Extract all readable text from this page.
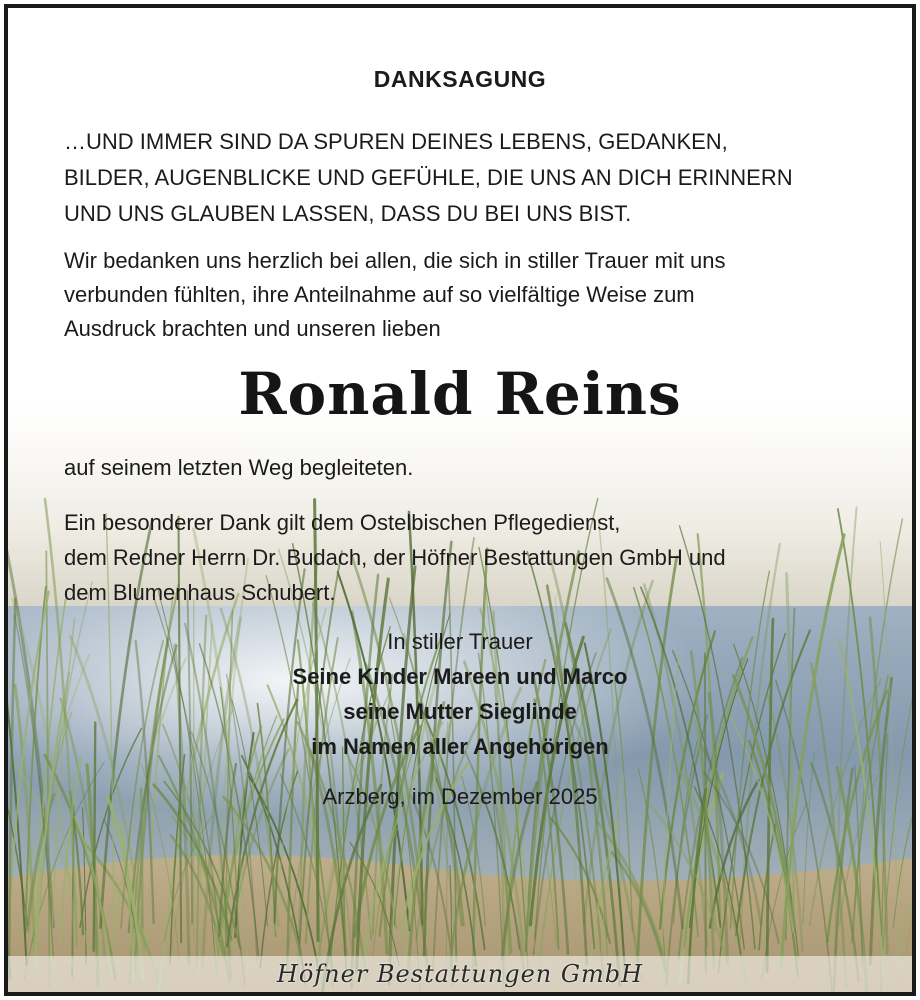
DANKSAGUNG
…UND IMMER SIND DA SPUREN DEINES LEBENS, GEDANKEN,
BILDER, AUGENBLICKE UND GEFÜHLE, DIE UNS AN DICH ERINNERN
UND UNS GLAUBEN LASSEN, DASS DU BEI UNS BIST.
Wir bedanken uns herzlich bei allen, die sich in stiller Trauer mit uns
verbunden fühlten, ihre Anteilnahme auf so vielfältige Weise zum
Ausdruck brachten und unseren lieben
Ronald Reins
auf seinem letzten Weg begleiteten.
Ein besonderer Dank gilt dem Ostelbischen Pflegedienst,
dem Redner Herrn Dr. Budach, der Höfner Bestattungen GmbH und
dem Blumenhaus Schubert.
In stiller Trauer
Seine Kinder Mareen und Marco
seine Mutter Sieglinde
im Namen aller Angehörigen
Arzberg, im Dezember 2025
Höfner Bestattungen GmbH
